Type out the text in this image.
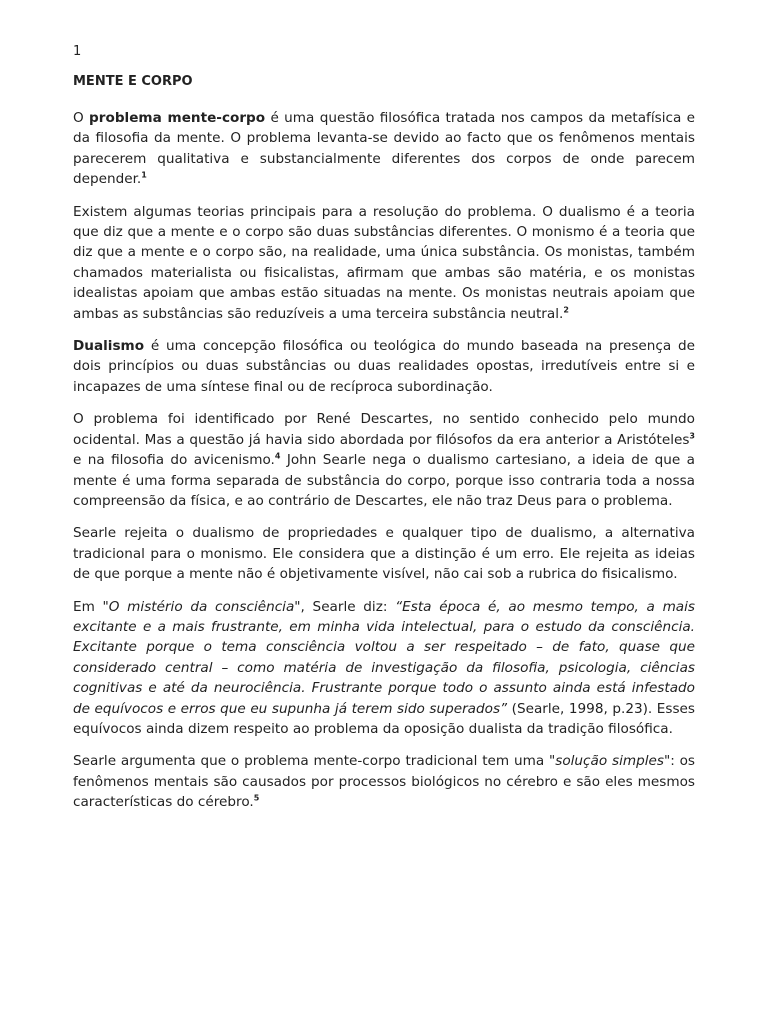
1
MENTE E CORPO

O problema mente-corpo é uma questão filosófica tratada nos campos da metafísica e da filosofia da mente. O problema levanta-se devido ao facto que os fenômenos mentais parecerem qualitativa e substancialmente diferentes dos corpos de onde parecem depender.$^1$

Existem algumas teorias principais para a resolução do problema. O dualismo é a teoria que diz que a mente e o corpo são duas substâncias diferentes. O monismo é a teoria que diz que a mente e o corpo são, na realidade, uma única substância. Os monistas, também chamados materialista ou fisicalistas, afirmam que ambas são matéria, e os monistas idealistas apoiam que ambas estão situadas na mente. Os monistas neutrais apoiam que ambas as substâncias são reduzíveis a uma terceira substância neutral.$^2$

Dualismo é uma concepção filosófica ou teológica do mundo baseada na presença de dois princípios ou duas substâncias ou duas realidades opostas, irredutíveis entre si e incapazes de uma síntese final ou de recíproca subordinação.

O problema foi identificado por René Descartes, no sentido conhecido pelo mundo ocidental. Mas a questão já havia sido abordada por filósofos da era anterior a Aristóteles$^3$ e na filosofia do avicenismo.$^4$ John Searle nega o dualismo cartesiano, a ideia de que a mente é uma forma separada de substância do corpo, porque isso contraria toda a nossa compreensão da física, e ao contrário de Descartes, ele não traz Deus para o problema.

Searle rejeita o dualismo de propriedades e qualquer tipo de dualismo, a alternativa tradicional para o monismo. Ele considera que a distinção é um erro. Ele rejeita as ideias de que porque a mente não é objetivamente visível, não cai sob a rubrica do fisicalismo.

Em "O mistério da consciência", Searle diz: “Esta época é, ao mesmo tempo, a mais excitante e a mais frustrante, em minha vida intelectual, para o estudo da consciência. Excitante porque o tema consciência voltou a ser respeitado – de fato, quase que considerado central – como matéria de investigação da filosofia, psicologia, ciências cognitivas e até da neurociência. Frustrante porque todo o assunto ainda está infestado de equívocos e erros que eu supunha já terem sido superados” (Searle, 1998, p.23). Esses equívocos ainda dizem respeito ao problema da oposição dualista da tradição filosófica.

Searle argumenta que o problema mente-corpo tradicional tem uma "solução simples": os fenômenos mentais são causados por processos biológicos no cérebro e são eles mesmos características do cérebro.$^5$
